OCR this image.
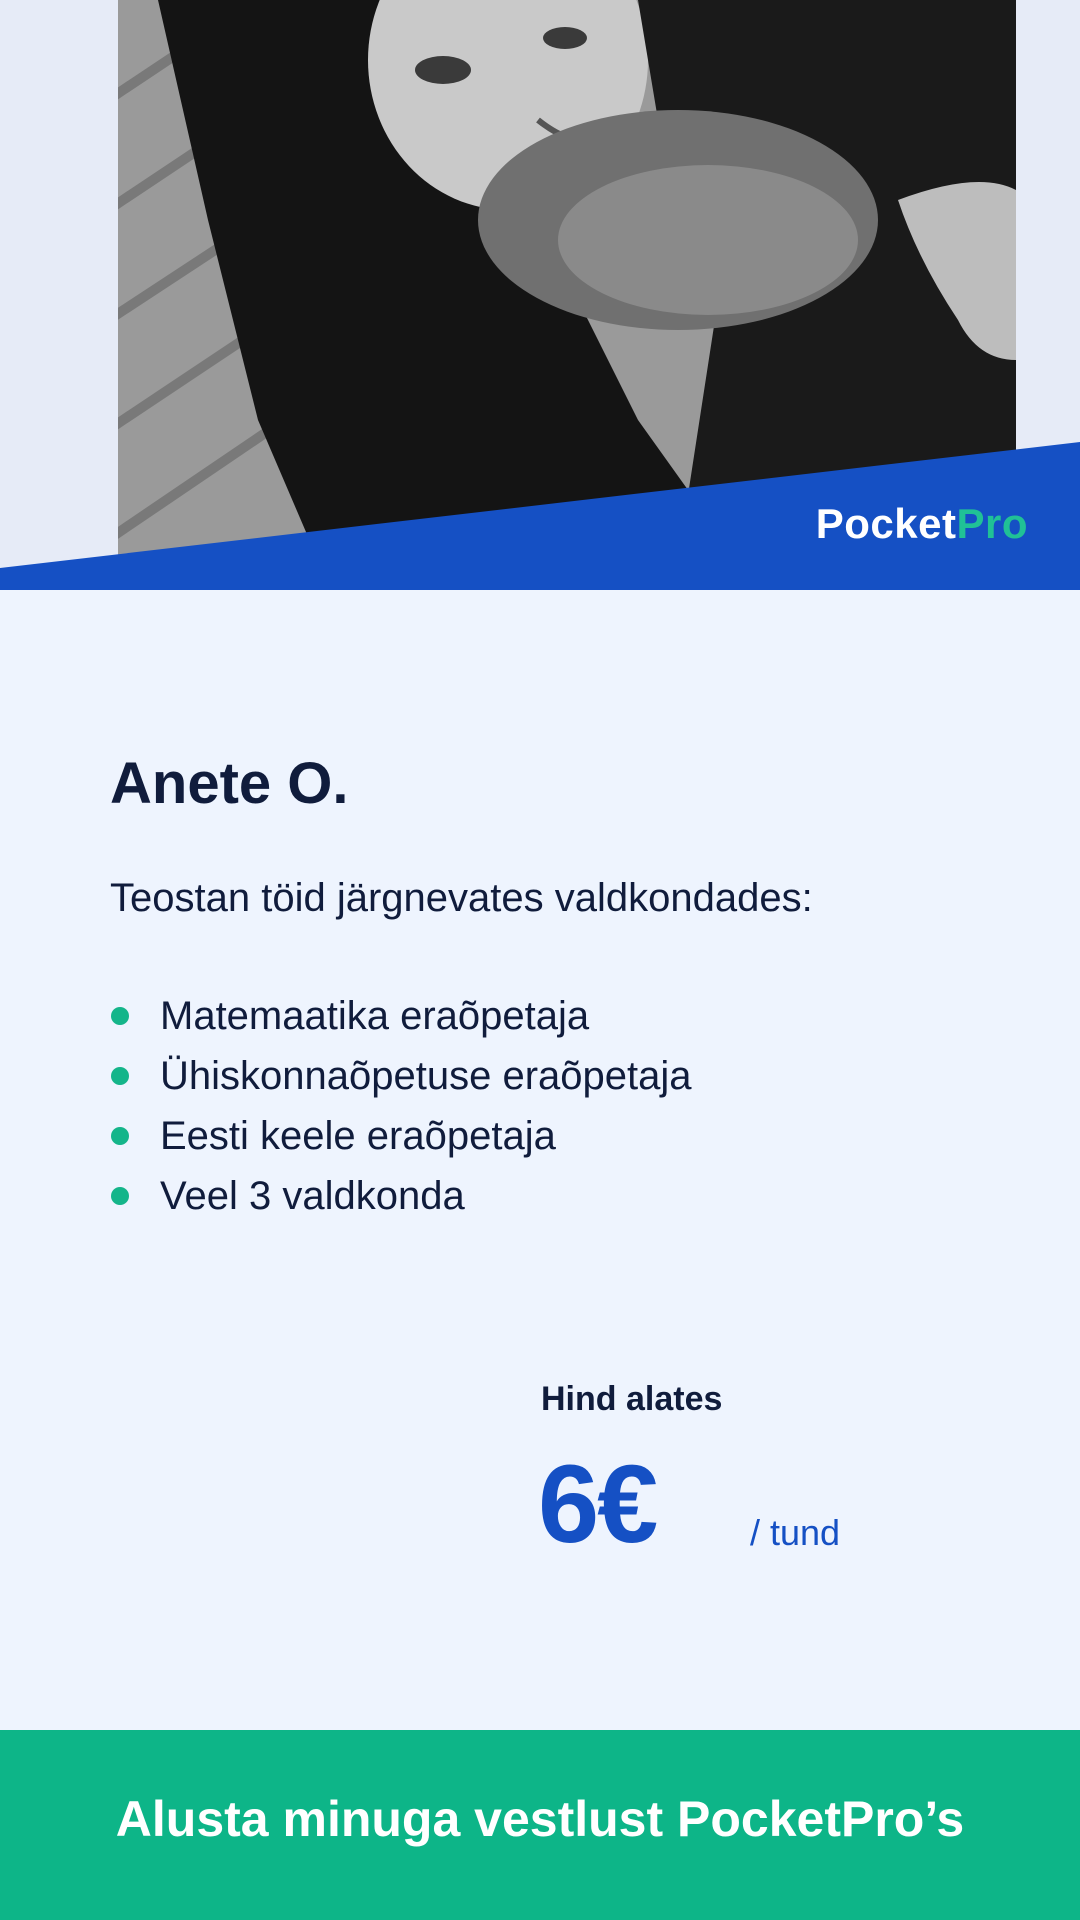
PocketPro
Anete O.
Teostan töid järgnevates valdkondades:
Matemaatika eraõpetaja
Ühiskonnaõpetuse eraõpetaja
Eesti keele eraõpetaja
Veel 3 valdkonda
Hind alates
6€	/ tund
Alusta minuga vestlust PocketPro’s
